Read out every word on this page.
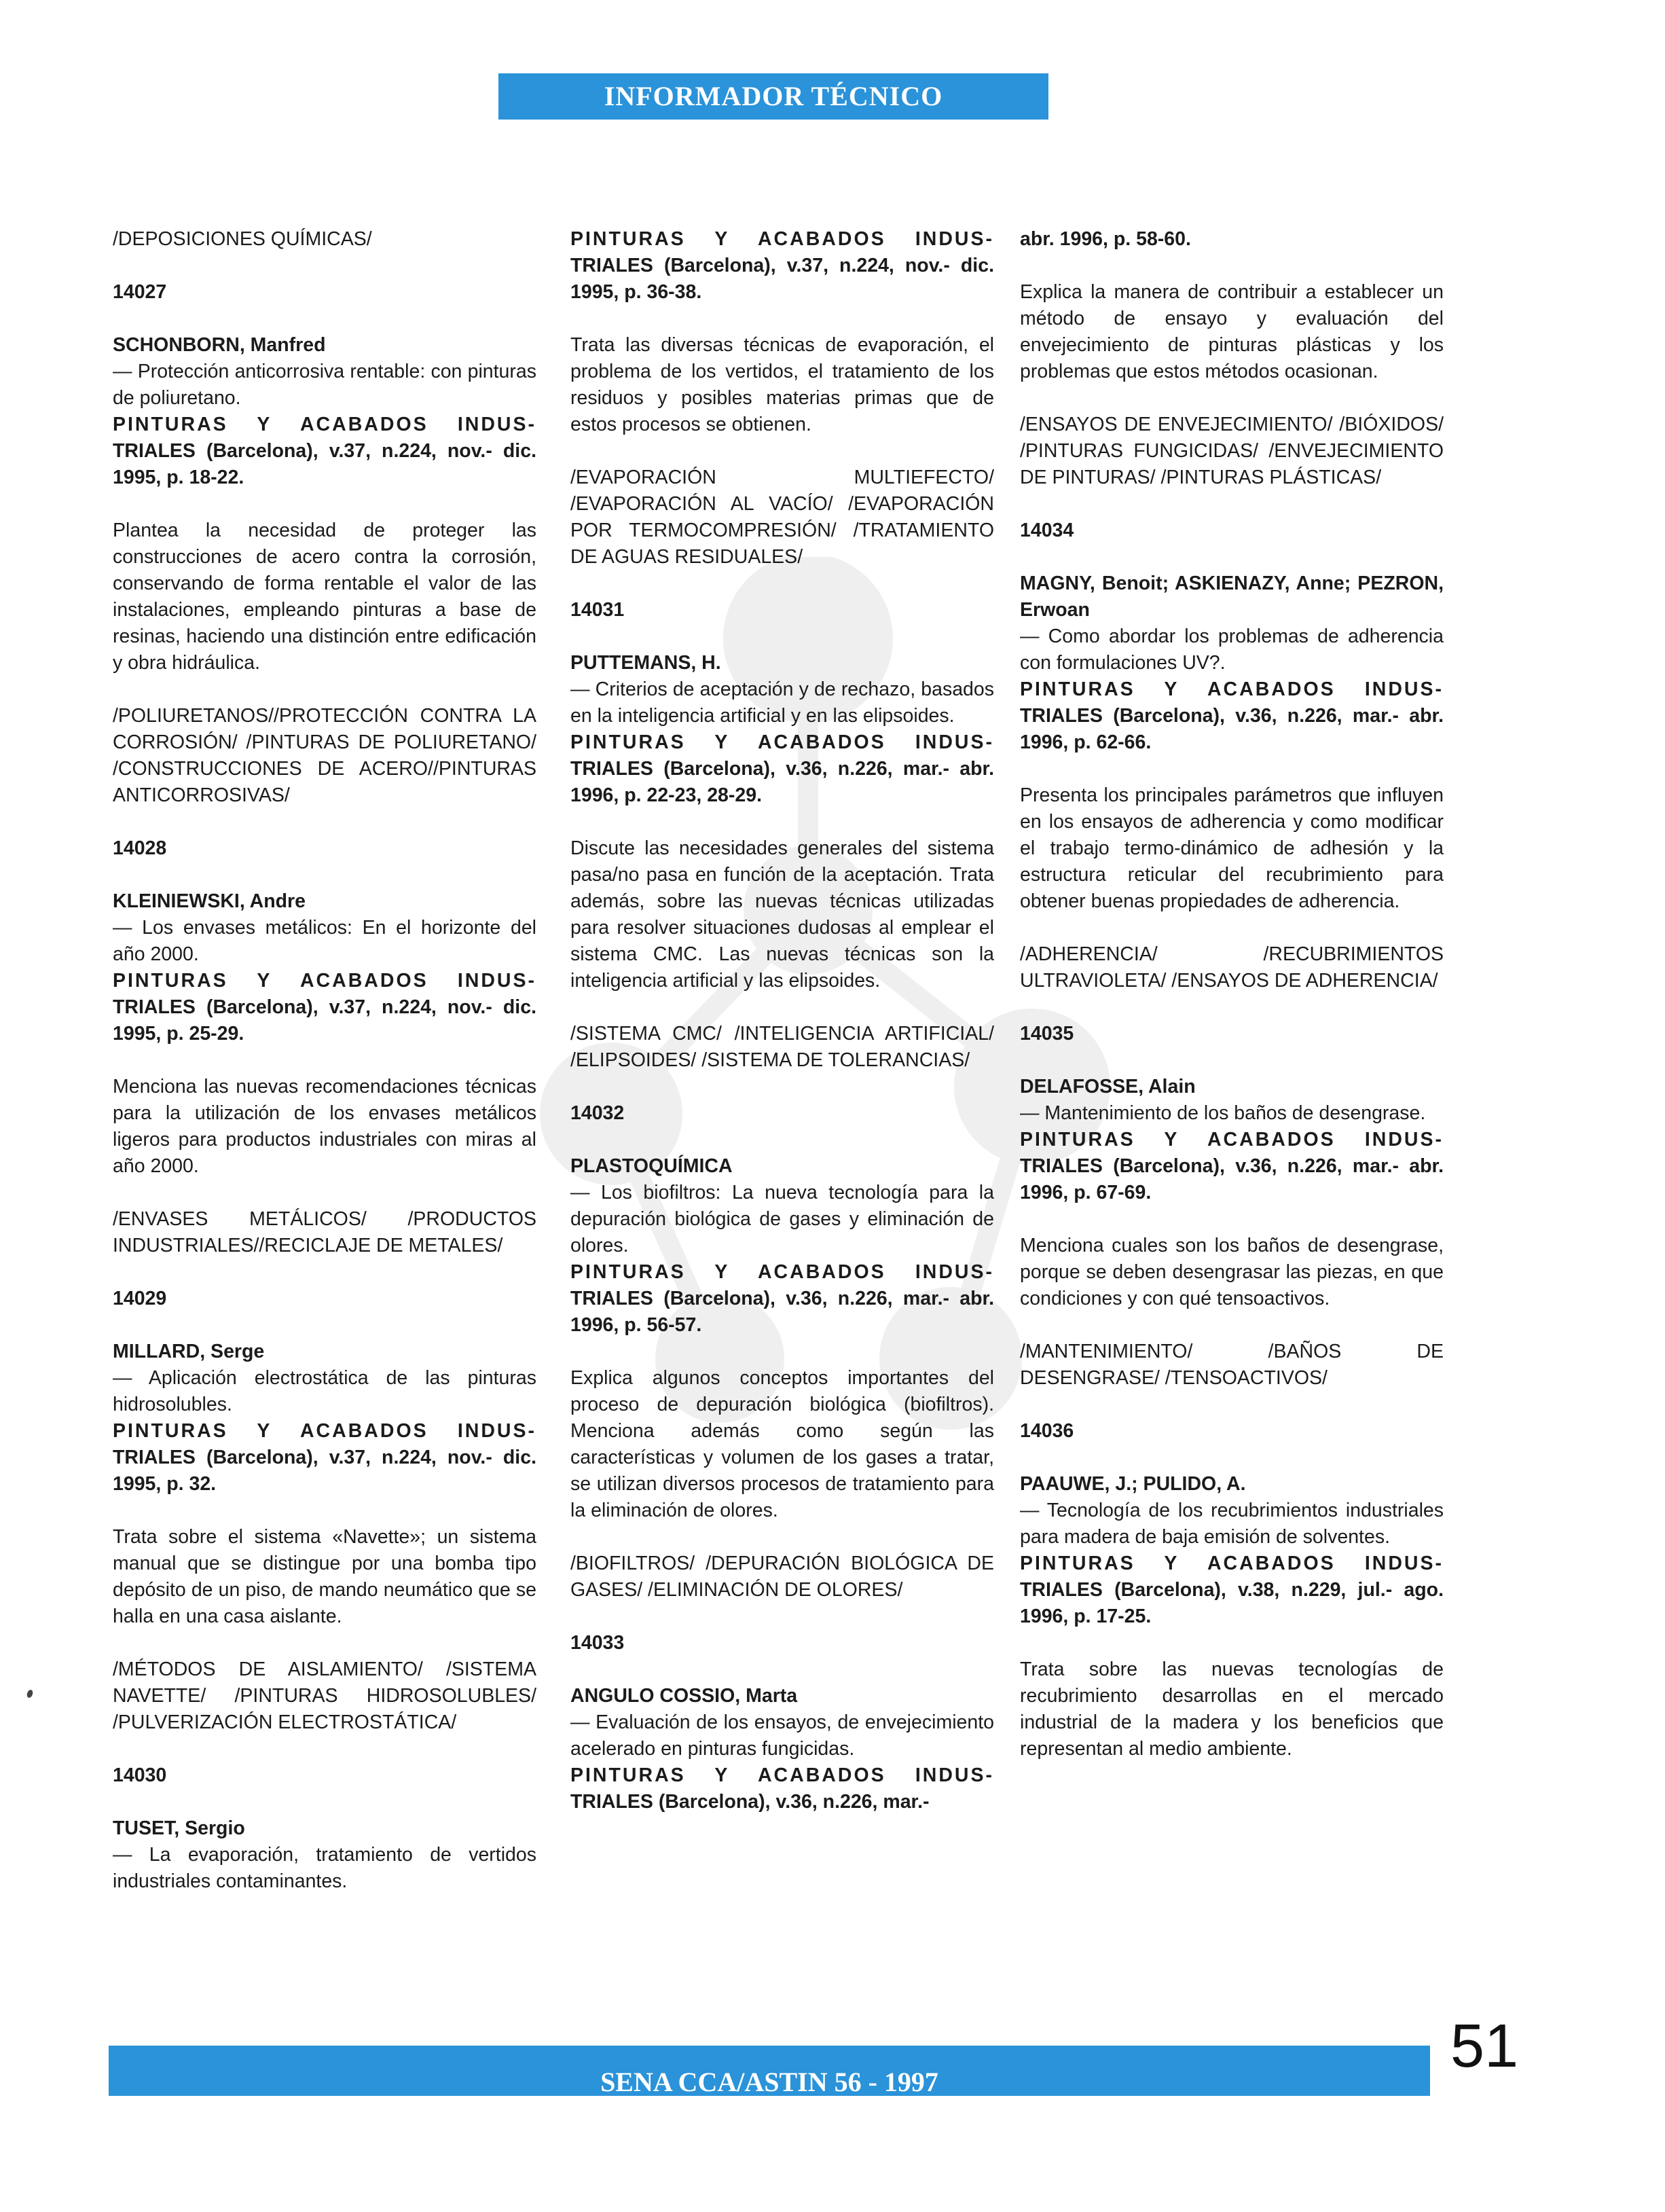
INFORMADOR TÉCNICO
/DEPOSICIONES QUÍMICAS/
14027
SCHONBORN, Manfred
— Protección anticorrosiva rentable: con pinturas de poliuretano.
PINTURAS Y ACABADOS INDUS- TRIALES (Barcelona), v.37, n.224, nov.- dic. 1995, p. 18-22.
Plantea la necesidad de proteger las construcciones de acero contra la corrosión, conservando de forma rentable el valor de las instalaciones, empleando pinturas a base de resinas, haciendo una distinción entre edificación y obra hidráulica.
/POLIURETANOS//PROTECCIÓN CONTRA LA CORROSIÓN/ /PINTURAS DE POLIURETANO/ /CONSTRUCCIONES DE ACERO//PINTURAS ANTICORROSIVAS/
14028
KLEINIEWSKI, Andre
— Los envases metálicos: En el horizonte del año 2000.
PINTURAS Y ACABADOS INDUS- TRIALES (Barcelona), v.37, n.224, nov.- dic. 1995, p. 25-29.
Menciona las nuevas recomendaciones técnicas para la utilización de los envases metálicos ligeros para productos industriales con miras al año 2000.
/ENVASES METÁLICOS/ /PRODUCTOS INDUSTRIALES//RECICLAJE DE METALES/
14029
MILLARD, Serge
— Aplicación electrostática de las pinturas hidrosolubles.
PINTURAS Y ACABADOS INDUS- TRIALES (Barcelona), v.37, n.224, nov.- dic. 1995, p. 32.
Trata sobre el sistema «Navette»; un sistema manual que se distingue por una bomba tipo depósito de un piso, de mando neumático que se halla en una casa aislante.
/MÉTODOS DE AISLAMIENTO/ /SISTEMA NAVETTE/ /PINTURAS HIDROSOLUBLES/ /PULVERIZACIÓN ELECTROSTÁTICA/
14030
TUSET, Sergio
— La evaporación, tratamiento de vertidos industriales contaminantes.
PINTURAS Y ACABADOS INDUS- TRIALES (Barcelona), v.37, n.224, nov.- dic. 1995, p. 36-38.
Trata las diversas técnicas de evaporación, el problema de los vertidos, el tratamiento de los residuos y posibles materias primas que de estos procesos se obtienen.
/EVAPORACIÓN MULTIEFECTO/ /EVAPORACIÓN AL VACÍO/ /EVAPORACIÓN POR TERMOCOMPRESIÓN/ /TRATAMIENTO DE AGUAS RESIDUALES/
14031
PUTTEMANS, H.
— Criterios de aceptación y de rechazo, basados en la inteligencia artificial y en las elipsoides.
PINTURAS Y ACABADOS INDUS- TRIALES (Barcelona), v.36, n.226, mar.- abr. 1996, p. 22-23, 28-29.
Discute las necesidades generales del sistema pasa/no pasa en función de la aceptación. Trata además, sobre las nuevas técnicas utilizadas para resolver situaciones dudosas al emplear el sistema CMC. Las nuevas técnicas son la inteligencia artificial y las elipsoides.
/SISTEMA CMC/ /INTELIGENCIA ARTIFICIAL/ /ELIPSOIDES/ /SISTEMA DE TOLERANCIAS/
14032
PLASTOQUÍMICA
— Los biofiltros: La nueva tecnología para la depuración biológica de gases y eliminación de olores.
PINTURAS Y ACABADOS INDUS- TRIALES (Barcelona), v.36, n.226, mar.- abr. 1996, p. 56-57.
Explica algunos conceptos importantes del proceso de depuración biológica (biofiltros). Menciona además como según las características y volumen de los gases a tratar, se utilizan diversos procesos de tratamiento para la eliminación de olores.
/BIOFILTROS/ /DEPURACIÓN BIOLÓGICA DE GASES/ /ELIMINACIÓN DE OLORES/
14033
ANGULO COSSIO, Marta
— Evaluación de los ensayos, de envejecimiento acelerado en pinturas fungicidas.
PINTURAS Y ACABADOS INDUS- TRIALES (Barcelona), v.36, n.226, mar.-
abr. 1996, p. 58-60.
Explica la manera de contribuir a establecer un método de ensayo y evaluación del envejecimiento de pinturas plásticas y los problemas que estos métodos ocasionan.
/ENSAYOS DE ENVEJECIMIENTO/ /BIÓXIDOS/ /PINTURAS FUNGICIDAS/ /ENVEJECIMIENTO DE PINTURAS/ /PINTURAS PLÁSTICAS/
14034
MAGNY, Benoit; ASKIENAZY, Anne; PEZRON, Erwoan
— Como abordar los problemas de adherencia con formulaciones UV?.
PINTURAS Y ACABADOS INDUS- TRIALES (Barcelona), v.36, n.226, mar.- abr. 1996, p. 62-66.
Presenta los principales parámetros que influyen en los ensayos de adherencia y como modificar el trabajo termo-dinámico de adhesión y la estructura reticular del recubrimiento para obtener buenas propiedades de adherencia.
/ADHERENCIA/ /RECUBRIMIENTOS ULTRAVIOLETA/ /ENSAYOS DE ADHERENCIA/
14035
DELAFOSSE, Alain
— Mantenimiento de los baños de desengrase.
PINTURAS Y ACABADOS INDUS- TRIALES (Barcelona), v.36, n.226, mar.- abr. 1996, p. 67-69.
Menciona cuales son los baños de desengrase, porque se deben desengrasar las piezas, en que condiciones y con qué tensoactivos.
/MANTENIMIENTO/ /BAÑOS DE DESENGRASE/ /TENSOACTIVOS/
14036
PAAUWE, J.; PULIDO, A.
— Tecnología de los recubrimientos industriales para madera de baja emisión de solventes.
PINTURAS Y ACABADOS INDUS- TRIALES (Barcelona), v.38, n.229, jul.- ago. 1996, p. 17-25.
Trata sobre las nuevas tecnologías de recubrimiento desarrollas en el mercado industrial de la madera y los beneficios que representan al medio ambiente.
SENA CCA/ASTIN 56 - 1997
51
